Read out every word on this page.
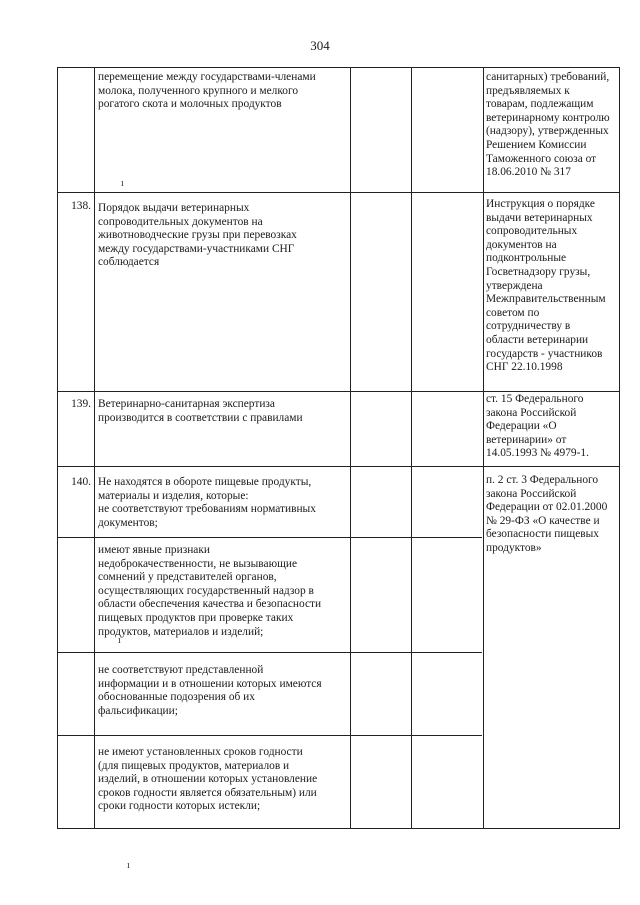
304
перемещение между государствами-членами
молока, полученного крупного и мелкого
рогатого скота и молочных продуктов
санитарных) требований,
предъявляемых к
товарам, подлежащим
ветеринарному контролю
(надзору), утвержденных
Решением Комиссии
Таможенного союза от
18.06.2010 № 317
138. Порядок выдачи ветеринарных
сопроводительных документов на
животноводческие грузы при перевозках
между государствами-участниками СНГ
соблюдается
Инструкция о порядке
выдачи ветеринарных
сопроводительных
документов на
подконтрольные
Госветнадзору грузы,
утверждена
Межправительственным
советом по
сотрудничеству в
области ветеринарии
государств - участников
СНГ 22.10.1998
139. Ветеринарно-санитарная экспертиза
производится в соответствии с правилами
ст. 15 Федерального
закона Российской
Федерации «О
ветеринарии» от
14.05.1993 № 4979-1.
140. Не находятся в обороте пищевые продукты,
материалы и изделия, которые:
не соответствуют требованиям нормативных
документов;
п. 2 ст. 3 Федерального
закона Российской
Федерации от 02.01.2000
№ 29-ФЗ «О качестве и
безопасности пищевых
продуктов»
имеют явные признаки
недоброкачественности, не вызывающие
сомнений у представителей органов,
осуществляющих государственный надзор в
области обеспечения качества и безопасности
пищевых продуктов при проверке таких
продуктов, материалов и изделий;
не соответствуют представленной
информации и в отношении которых имеются
обоснованные подозрения об их
фальсификации;
не имеют установленных сроков годности
(для пищевых продуктов, материалов и
изделий, в отношении которых установление
сроков годности является обязательным) или
сроки годности которых истекли;
ı
ı
ı
